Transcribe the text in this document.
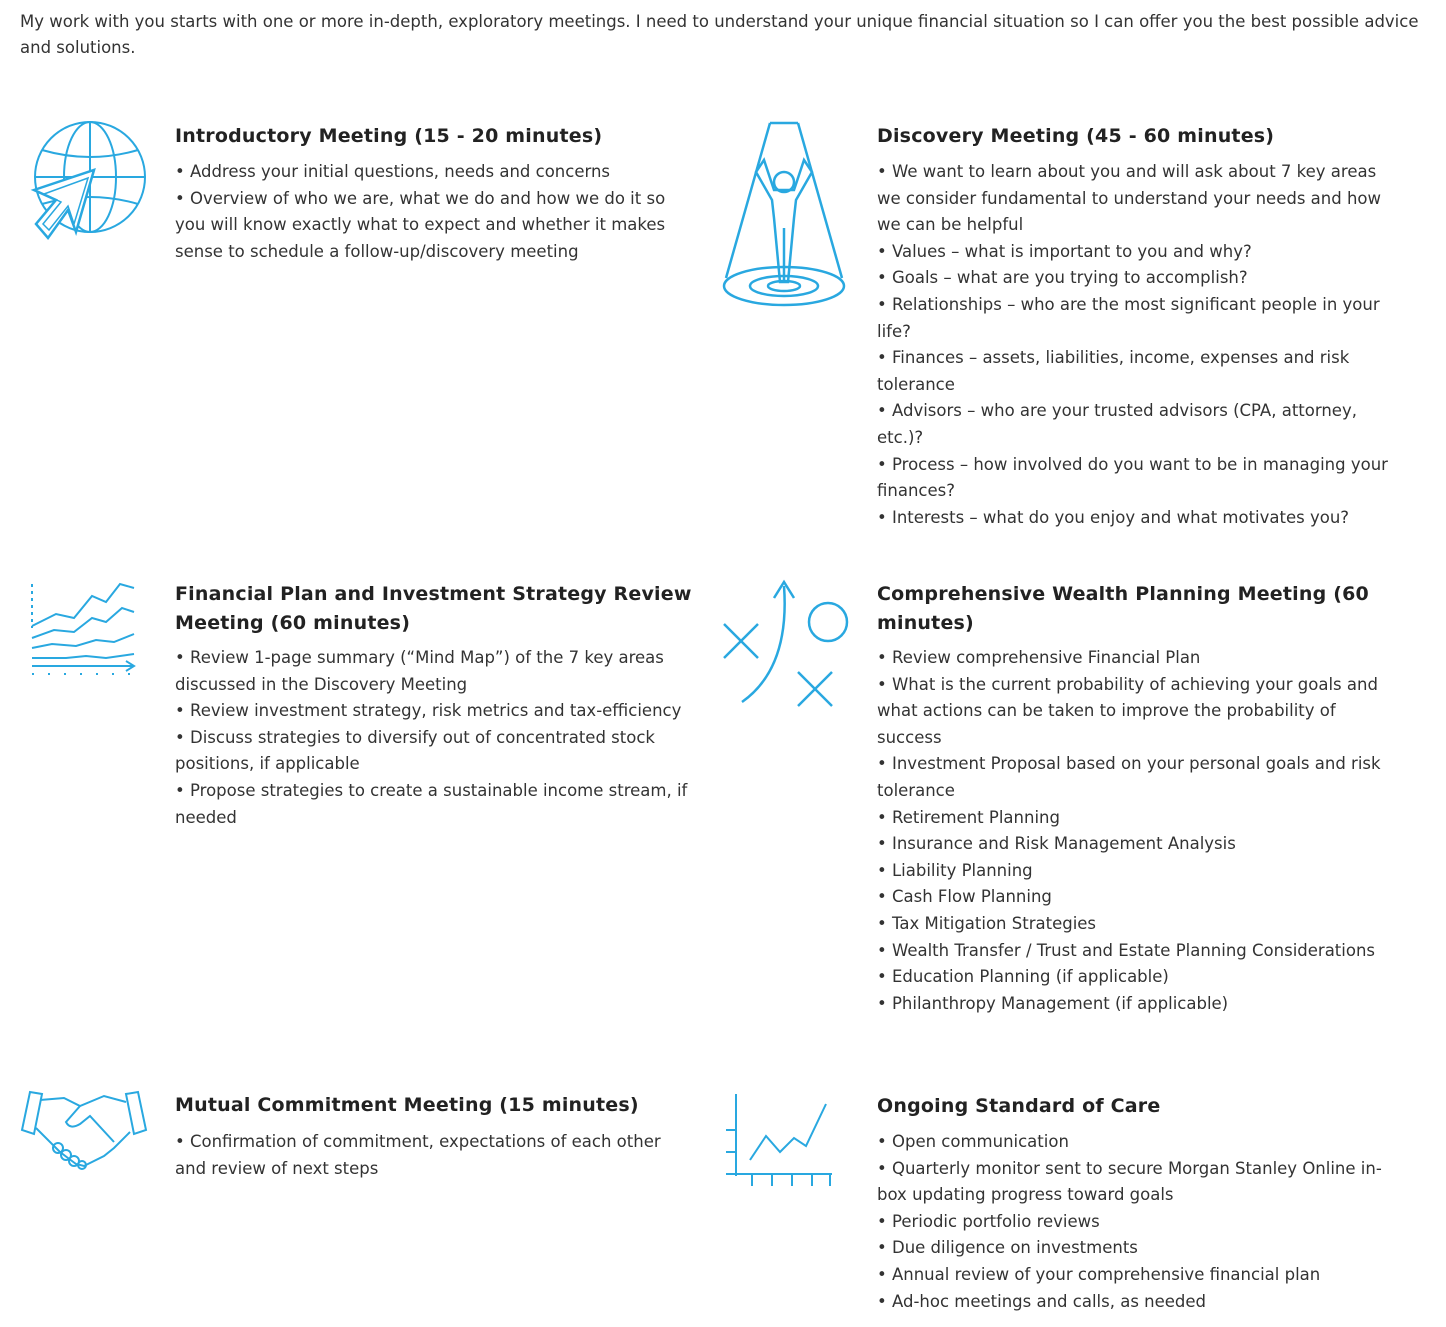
My work with you starts with one or more in-depth, exploratory meetings. I need to understand your unique financial situation so I can offer you the best possible advice and solutions.

Introductory Meeting (15 - 20 minutes)
• Address your initial questions, needs and concerns
• Overview of who we are, what we do and how we do it so you will know exactly what to expect and whether it makes sense to schedule a follow-up/discovery meeting
Discovery Meeting (45 - 60 minutes)
• We want to learn about you and will ask about 7 key areas we consider fundamental to understand your needs and how we can be helpful
• Values – what is important to you and why?
• Goals – what are you trying to accomplish?
• Relationships – who are the most significant people in your life?
• Finances – assets, liabilities, income, expenses and risk tolerance
• Advisors – who are your trusted advisors (CPA, attorney, etc.)?
• Process – how involved do you want to be in managing your finances?
• Interests – what do you enjoy and what motivates you?
Financial Plan and Investment Strategy Review Meeting (60 minutes)
• Review 1-page summary (“Mind Map”) of the 7 key areas discussed in the Discovery Meeting
• Review investment strategy, risk metrics and tax-efficiency
• Discuss strategies to diversify out of concentrated stock positions, if applicable
• Propose strategies to create a sustainable income stream, if needed
Comprehensive Wealth Planning Meeting (60 minutes)
• Review comprehensive Financial Plan
• What is the current probability of achieving your goals and what actions can be taken to improve the probability of success
• Investment Proposal based on your personal goals and risk tolerance
• Retirement Planning
• Insurance and Risk Management Analysis
• Liability Planning
• Cash Flow Planning
• Tax Mitigation Strategies
• Wealth Transfer / Trust and Estate Planning Considerations
• Education Planning (if applicable)
• Philanthropy Management (if applicable)
Mutual Commitment Meeting (15 minutes)
• Confirmation of commitment, expectations of each other and review of next steps
Ongoing Standard of Care
• Open communication
• Quarterly monitor sent to secure Morgan Stanley Online in-box updating progress toward goals
• Periodic portfolio reviews
• Due diligence on investments
• Annual review of your comprehensive financial plan
• Ad-hoc meetings and calls, as needed
